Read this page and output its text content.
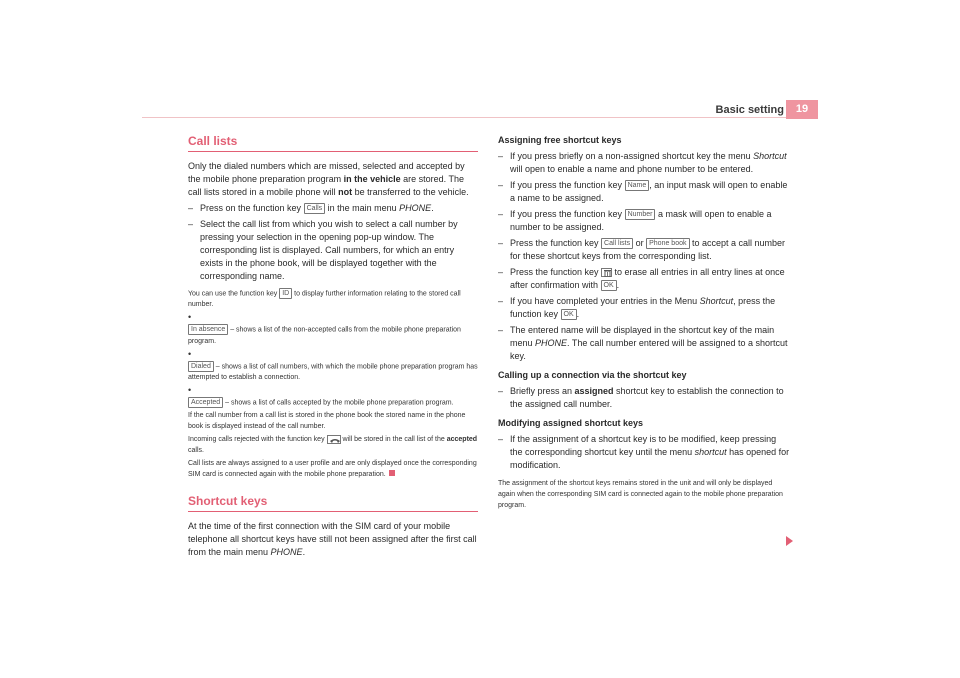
Basic setting	19
Call lists

Only the dialed numbers which are missed, selected and accepted by the mobile phone preparation program in the vehicle are stored. The call lists stored in a mobile phone will not be transferred to the vehicle.

– Press on the function key Calls in the main menu PHONE.
– Select the call list from which you wish to select a call number by pressing your selection in the opening pop-up window. The corresponding list is displayed. Call numbers, for which an entry exists in the phone book, will be displayed together with the corresponding name.

You can use the function key ID to display further information relating to the stored call number.

•
In absence – shows a list of the non-accepted calls from the mobile phone preparation program.
•
Dialed – shows a list of call numbers, with which the mobile phone preparation program has attempted to establish a connection.
•
Accepted – shows a list of calls accepted by the mobile phone preparation program.

If the call number from a call list is stored in the phone book the stored name in the phone book is displayed instead of the call number.

Incoming calls rejected with the function key
will be stored in the call list of the accepted calls.

Call lists are always assigned to a user profile and are only displayed once the corresponding SIM card is connected again with the mobile phone preparation.

Shortcut keys

At the time of the first connection with the SIM card of your mobile telephone all shortcut keys have still not been assigned after the first call from the main menu PHONE.

Assigning free shortcut keys
– If you press briefly on a non-assigned shortcut key the menu Shortcut will open to enable a name and phone number to be entered.
– If you press the function key Name , an input mask will open to enable a name to be assigned.
– If you press the function key Number a mask will open to enable a number to be assigned.
– Press the function key Call lists or Phone book to accept a call number for these shortcut keys from the corresponding list.
– Press the function key
to erase all entries in all entry lines at once after confirmation with OK .
– If you have completed your entries in the Menu Shortcut, press the function key OK .
– The entered name will be displayed in the shortcut key of the main menu PHONE. The call number entered will be assigned to a shortcut key.
Calling up a connection via the shortcut key
– Briefly press an assigned shortcut key to establish the connection to the assigned call number.
Modifying assigned shortcut keys
– If the assignment of a shortcut key is to be modified, keep pressing the corresponding shortcut key until the menu shortcut has opened for modification.

The assignment of the shortcut keys remains stored in the unit and will only be displayed again when the corresponding SIM card is connected again to the mobile phone preparation program.
